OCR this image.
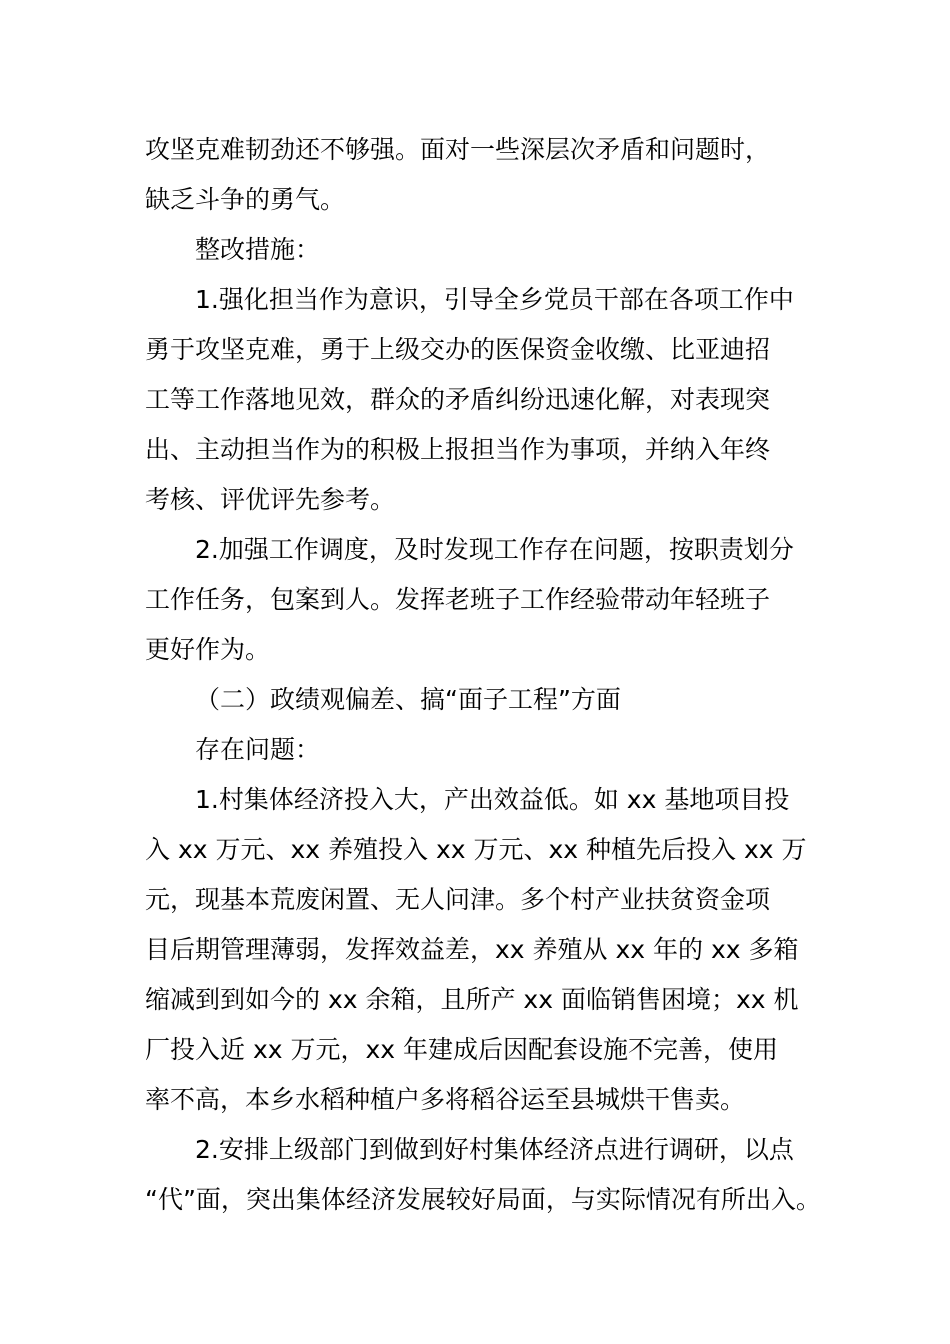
攻坚克难韧劲还不够强。面对一些深层次矛盾和问题时，
缺乏斗争的勇气。
整改措施：
1.强化担当作为意识，引导全乡党员干部在各项工作中
勇于攻坚克难，勇于上级交办的医保资金收缴、比亚迪招
工等工作落地见效，群众的矛盾纠纷迅速化解，对表现突
出、主动担当作为的积极上报担当作为事项，并纳入年终
考核、评优评先参考。
2.加强工作调度，及时发现工作存在问题，按职责划分
工作任务，包案到人。发挥老班子工作经验带动年轻班子
更好作为。
（二）政绩观偏差、搞“面子工程”方面
存在问题：
1.村集体经济投入大，产出效益低。如 xx 基地项目投
入 xx 万元、xx 养殖投入 xx 万元、xx 种植先后投入 xx 万
元，现基本荒废闲置、无人问津。多个村产业扶贫资金项
目后期管理薄弱，发挥效益差，xx 养殖从 xx 年的 xx 多箱
缩减到到如今的 xx 余箱，且所产 xx 面临销售困境；xx 机
厂投入近 xx 万元，xx 年建成后因配套设施不完善，使用
率不高，本乡水稻种植户多将稻谷运至县城烘干售卖。
2.安排上级部门到做到好村集体经济点进行调研，以点
“代”面，突出集体经济发展较好局面，与实际情况有所出入。
